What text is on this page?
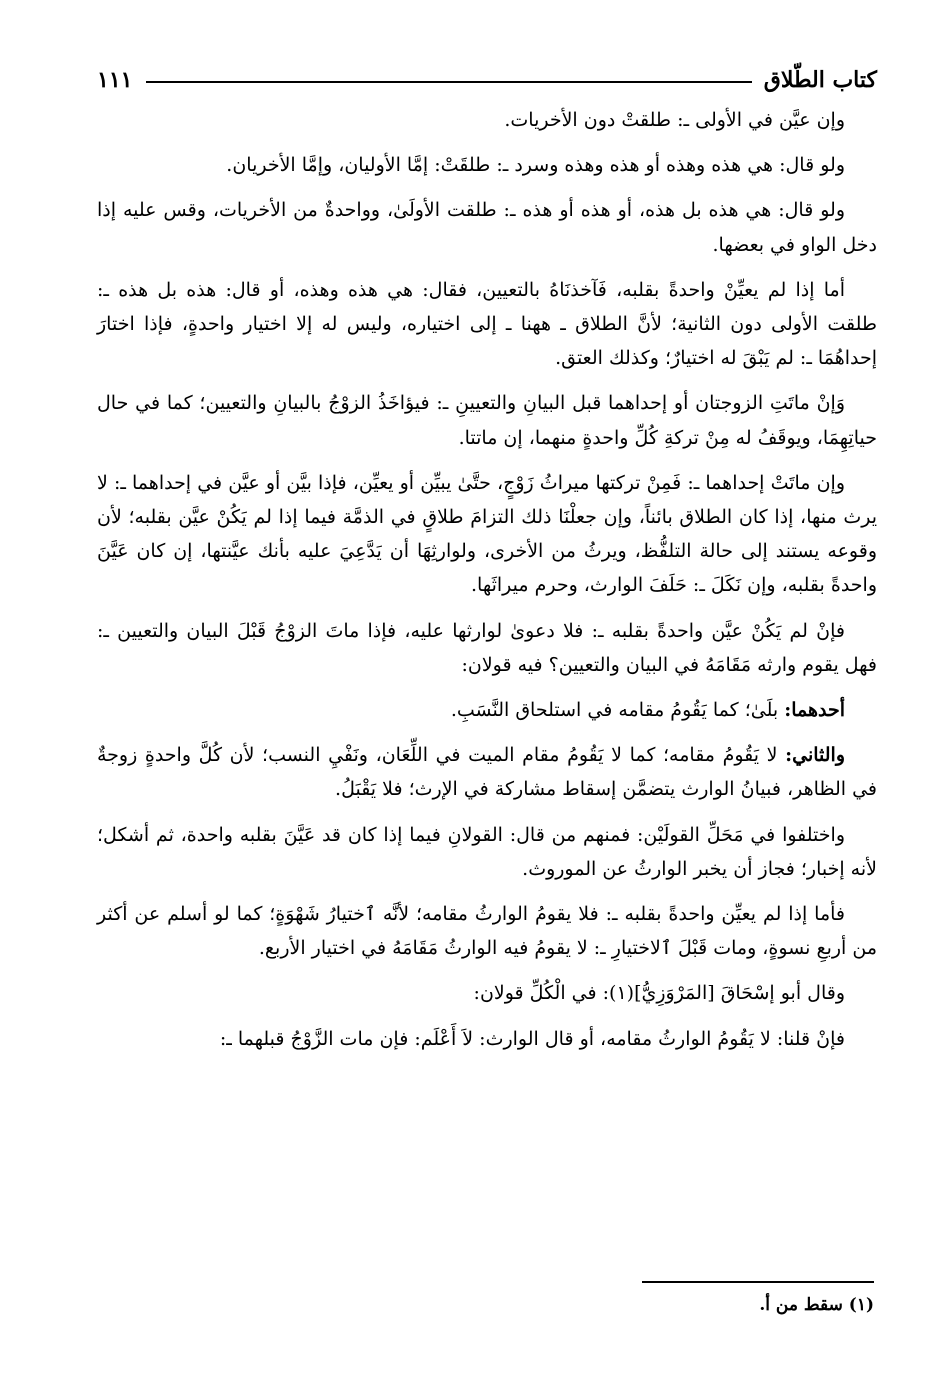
كتاب الطّلاق
١١١

وإن عيَّن في الأولى ـ: طلقتْ دون الأخريات.

ولو قال: هي هذه وهذه أو هذه وهذه وسرد ـ: طلقَتْ: إمَّا الأوليان، وإمَّا الأخريان.

ولو قال: هي هذه بل هذه، أو هذه أو هذه ـ: طلقت الأولَىٰ، وواحدةٌ من الأخريات، وقس عليه إذا دخل الواو في بعضها.

أما إذا لم يعيِّنْ واحدةً بقلبه، فَآخذنَاهُ بالتعيين، فقال: هي هذه وهذه، أو قال: هذه بل هذه ـ: طلقت الأولى دون الثانية؛ لأنَّ الطلاق ـ ههنا ـ إلى اختياره، وليس له إلا اختيار واحدةٍ، فإذا اختارَ إحداهُمَا ـ: لم يَبْقَ له اختيارٌ؛ وكذلك العتق.

وَإنْ ماتَتِ الزوجتان أو إحداهما قبل البيانِ والتعيينِ ـ: فيؤاخَذُ الزوْجُ بالبيانِ والتعيين؛ كما في حال حياتِهِمَا، ويوقَفُ له مِنْ تركةِ كُلِّ واحدةٍ منهما، إن ماتتا.

وإن ماتَتْ إحداهما ـ: فَمِنْ تركتها ميراثُ زَوْجٍ، حتَّىٰ يبيِّن أو يعيِّن، فإذا بيَّن أو عيَّن في إحداهما ـ: لا يرث منها، إذا كان الطلاق بائناً، وإن جعلْنَا ذلك التزامَ طلاقٍ في الذمَّة فيما إذا لم يَكُنْ عيَّن بقلبه؛ لأن وقوعه يستند إلى حالة التلفُّظ، ويرثُ من الأخرى، ولوارثِهَا أن يَدَّعِيَ عليه بأنك عيَّنتها، إن كان عَيَّنَ واحدةً بقلبه، وإن نَكَلَ ـ: حَلَفَ الوارث، وحرم ميراثَها.

فإنْ لم يَكُنْ عيَّن واحدةً بقلبه ـ: فلا دعوىٰ لوارثها عليه، فإذا ماتَ الزوْجُ قَبْلَ البيان والتعيين ـ: فهل يقوم وارثه مَقَامَهُ في البيان والتعيين؟ فيه قولان:

أحدهما: بلَىٰ؛ كما يَقُومُ مقامه في استلحاق النَّسَبِ.

والثاني: لا يَقُومُ مقامه؛ كما لا يَقُومُ مقام الميت في اللِّعَان، ونَفْيِ النسب؛ لأن كُلَّ واحدةٍ زوجةٌ في الظاهر، فبيانُ الوارث يتضمَّن إسقاط مشاركة في الإرث؛ فلا يَقْبَلُ.

واختلفوا في مَحَلِّ القولَيْن: فمنهم من قال: القولانِ فيما إذا كان قد عَيَّنَ بقلبه واحدة، ثم أشكل؛ لأنه إخبار؛ فجاز أن يخبر الوارثُ عن الموروث.

فأما إذا لم يعيِّن واحدةً بقلبه ـ: فلا يقومُ الوارثُ مقامه؛ لأنَّه ٱختيارُ شَهْوَةٍ؛ كما لو أسلم عن أكثر من أربعِ نسوةٍ، ومات قَبْلَ ٱلاختيارِ ـ: لا يقومُ فيه الوارثُ مَقَامَهُ في اختيار الأربع.

وقال أبو إسْحَاقَ [المَرْوَزِيُّ](١): في الْكُلِّ قولان:

فإنْ قلنا: لا يَقُومُ الوارثُ مقامه، أو قال الوارث: لاَ أَعْلَم: فإن مات الزَّوْجُ قبلهما ـ:

(١) سقط من أ.
